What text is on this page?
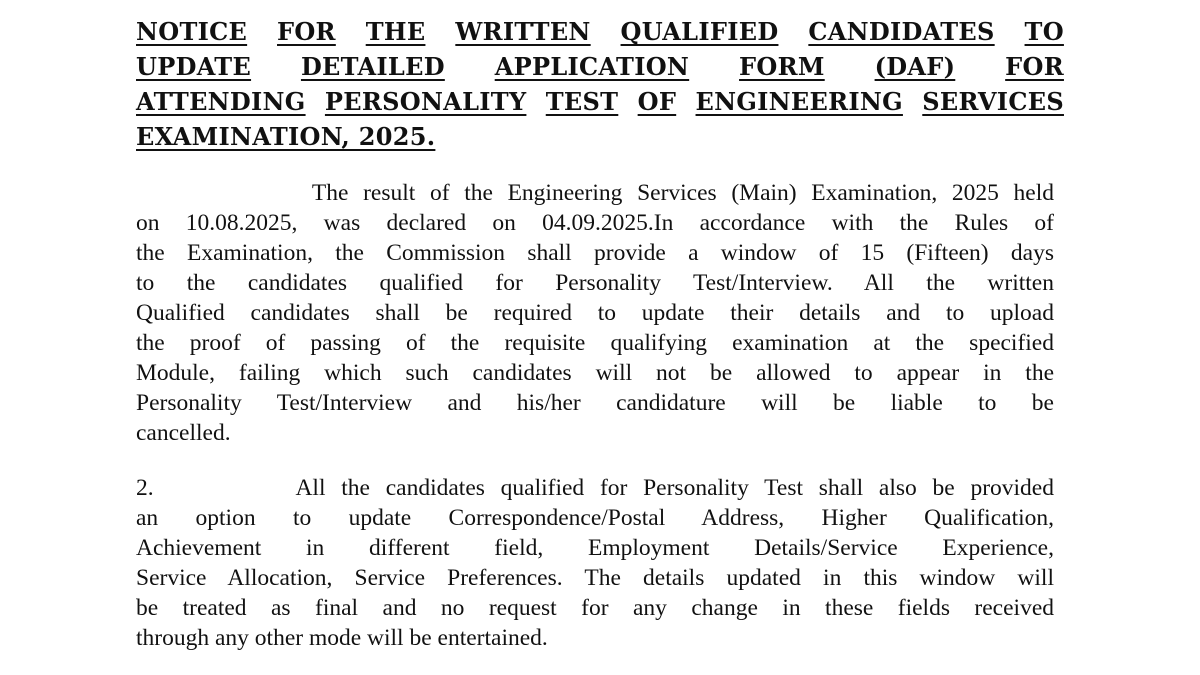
NOTICE FOR THE WRITTEN QUALIFIED CANDIDATES TO
UPDATE DETAILED APPLICATION FORM (DAF) FOR
ATTENDING PERSONALITY TEST OF ENGINEERING SERVICES
EXAMINATION, 2025.
The result of the Engineering Services (Main) Examination, 2025 held
on 10.08.2025, was declared on 04.09.2025.In accordance with the Rules of
the Examination, the Commission shall provide a window of 15 (Fifteen) days
to the candidates qualified for Personality Test/Interview. All the written
Qualified candidates shall be required to update their details and to upload
the proof of passing of the requisite qualifying examination at the specified
Module, failing which such candidates will not be allowed to appear in the
Personality Test/Interview and his/her candidature will be liable to be
cancelled.
2.         All the candidates qualified for Personality Test shall also be provided
an option to update Correspondence/Postal Address, Higher Qualification,
Achievement in different field, Employment Details/Service Experience,
Service Allocation, Service Preferences. The details updated in this window will
be treated as final and no request for any change in these fields received
through any other mode will be entertained.
